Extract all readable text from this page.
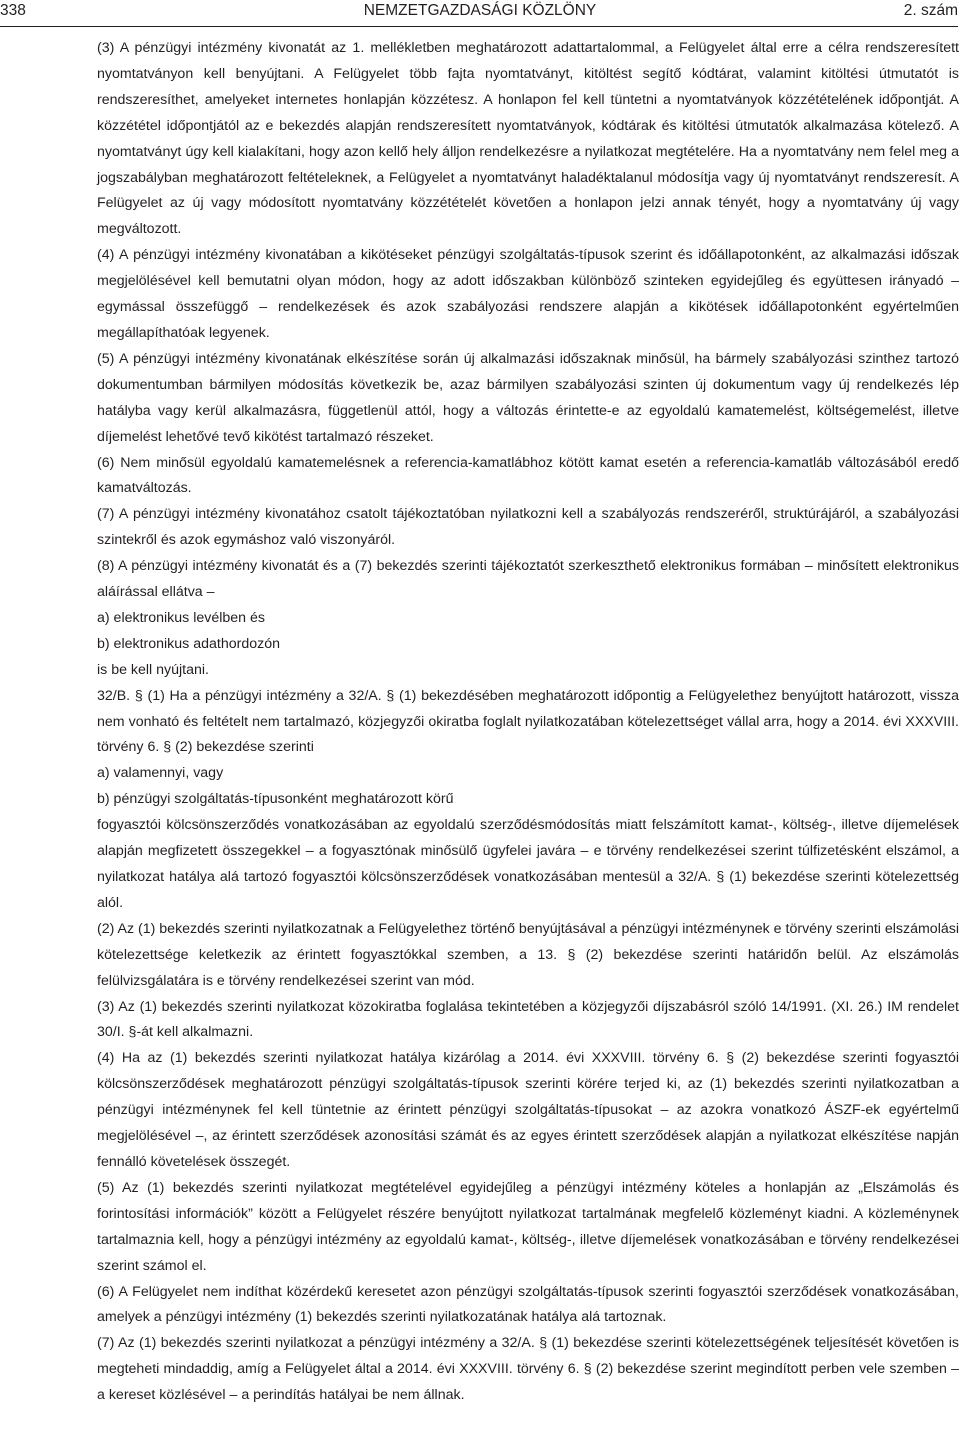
338	NEMZETGAZDASÁGI KÖZLÖNY	2. szám

(3) A pénzügyi intézmény kivonatát az 1. mellékletben meghatározott adattartalommal, a Felügyelet által erre a célra rendszeresített nyomtatványon kell benyújtani. A Felügyelet több fajta nyomtatványt, kitöltést segítő kódtárat, valamint kitöltési útmutatót is rendszeresíthet, amelyeket internetes honlapján közzétesz. A honlapon fel kell tüntetni a nyomtatványok közzétételének időpontját. A közzététel időpontjától az e bekezdés alapján rendszeresített nyomtatványok, kódtárak és kitöltési útmutatók alkalmazása kötelező. A nyomtatványt úgy kell kialakítani, hogy azon kellő hely álljon rendelkezésre a nyilatkozat megtételére. Ha a nyomtatvány nem felel meg a jogszabályban meghatározott feltételeknek, a Felügyelet a nyomtatványt haladéktalanul módosítja vagy új nyomtatványt rendszeresít. A Felügyelet az új vagy módosított nyomtatvány közzétételét követően a honlapon jelzi annak tényét, hogy a nyomtatvány új vagy megváltozott.

(4) A pénzügyi intézmény kivonatában a kikötéseket pénzügyi szolgáltatás-típusok szerint és időállapotonként, az alkalmazási időszak megjelölésével kell bemutatni olyan módon, hogy az adott időszakban különböző szinteken egyidejűleg és együttesen irányadó – egymással összefüggő – rendelkezések és azok szabályozási rendszere alapján a kikötések időállapotonként egyértelműen megállapíthatóak legyenek.

(5) A pénzügyi intézmény kivonatának elkészítése során új alkalmazási időszaknak minősül, ha bármely szabályozási szinthez tartozó dokumentumban bármilyen módosítás következik be, azaz bármilyen szabályozási szinten új dokumentum vagy új rendelkezés lép hatályba vagy kerül alkalmazásra, függetlenül attól, hogy a változás érintette-e az egyoldalú kamatemelést, költségemelést, illetve díjemelést lehetővé tevő kikötést tartalmazó részeket.

(6) Nem minősül egyoldalú kamatemelésnek a referencia-kamatlábhoz kötött kamat esetén a referencia-kamatláb változásából eredő kamatváltozás.

(7) A pénzügyi intézmény kivonatához csatolt tájékoztatóban nyilatkozni kell a szabályozás rendszeréről, struktúrájáról, a szabályozási szintekről és azok egymáshoz való viszonyáról.

(8) A pénzügyi intézmény kivonatát és a (7) bekezdés szerinti tájékoztatót szerkeszthető elektronikus formában – minősített elektronikus aláírással ellátva –

a) elektronikus levélben és

b) elektronikus adathordozón

is be kell nyújtani.

32/B. § (1) Ha a pénzügyi intézmény a 32/A. § (1) bekezdésében meghatározott időpontig a Felügyelethez benyújtott határozott, vissza nem vonható és feltételt nem tartalmazó, közjegyzői okiratba foglalt nyilatkozatában kötelezettséget vállal arra, hogy a 2014. évi XXXVIII. törvény 6. § (2) bekezdése szerinti

a) valamennyi, vagy

b) pénzügyi szolgáltatás-típusonként meghatározott körű

fogyasztói kölcsönszerződés vonatkozásában az egyoldalú szerződésmódosítás miatt felszámított kamat-, költség-, illetve díjemelések alapján megfizetett összegekkel – a fogyasztónak minősülő ügyfelei javára – e törvény rendelkezései szerint túlfizetésként elszámol, a nyilatkozat hatálya alá tartozó fogyasztói kölcsönszerződések vonatkozásában mentesül a 32/A. § (1) bekezdése szerinti kötelezettség alól.

(2) Az (1) bekezdés szerinti nyilatkozatnak a Felügyelethez történő benyújtásával a pénzügyi intézménynek e törvény szerinti elszámolási kötelezettsége keletkezik az érintett fogyasztókkal szemben, a 13. § (2) bekezdése szerinti határidőn belül. Az elszámolás felülvizsgálatára is e törvény rendelkezései szerint van mód.

(3) Az (1) bekezdés szerinti nyilatkozat közokiratba foglalása tekintetében a közjegyzői díjszabásról szóló 14/1991. (XI. 26.) IM rendelet 30/I. §-át kell alkalmazni.

(4) Ha az (1) bekezdés szerinti nyilatkozat hatálya kizárólag a 2014. évi XXXVIII. törvény 6. § (2) bekezdése szerinti fogyasztói kölcsönszerződések meghatározott pénzügyi szolgáltatás-típusok szerinti körére terjed ki, az (1) bekezdés szerinti nyilatkozatban a pénzügyi intézménynek fel kell tüntetnie az érintett pénzügyi szolgáltatás-típusokat – az azokra vonatkozó ÁSZF-ek egyértelmű megjelölésével –, az érintett szerződések azonosítási számát és az egyes érintett szerződések alapján a nyilatkozat elkészítése napján fennálló követelések összegét.

(5) Az (1) bekezdés szerinti nyilatkozat megtételével egyidejűleg a pénzügyi intézmény köteles a honlapján az „Elszámolás és forintosítási információk” között a Felügyelet részére benyújtott nyilatkozat tartalmának megfelelő közleményt kiadni. A közleménynek tartalmaznia kell, hogy a pénzügyi intézmény az egyoldalú kamat-, költség-, illetve díjemelések vonatkozásában e törvény rendelkezései szerint számol el.

(6) A Felügyelet nem indíthat közérdekű keresetet azon pénzügyi szolgáltatás-típusok szerinti fogyasztói szerződések vonatkozásában, amelyek a pénzügyi intézmény (1) bekezdés szerinti nyilatkozatának hatálya alá tartoznak.

(7) Az (1) bekezdés szerinti nyilatkozat a pénzügyi intézmény a 32/A. § (1) bekezdése szerinti kötelezettségének teljesítését követően is megteheti mindaddig, amíg a Felügyelet által a 2014. évi XXXVIII. törvény 6. § (2) bekezdése szerint megindított perben vele szemben – a kereset közlésével – a perindítás hatályai be nem állnak.
